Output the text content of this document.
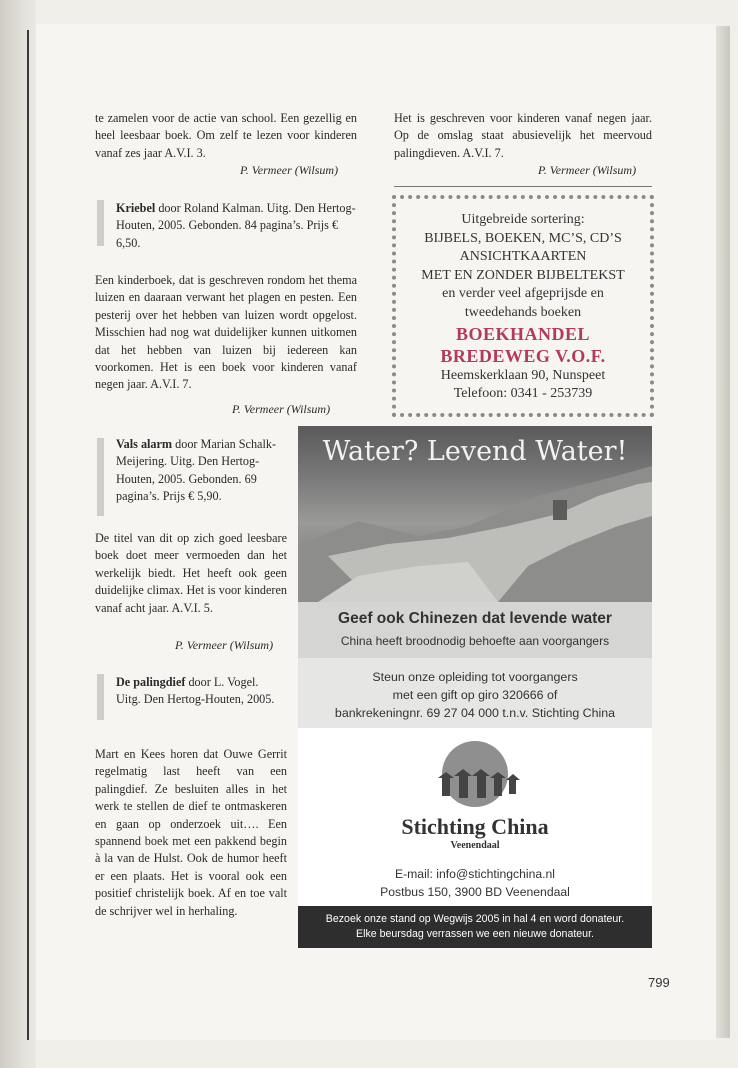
te zamelen voor de actie van school. Een gezellig en heel leesbaar boek. Om zelf te lezen voor kinderen vanaf zes jaar A.V.I. 3.

P. Vermeer (Wilsum)
Kriebel door Roland Kalman. Uitg. Den Hertog-Houten, 2005. Gebonden. 84 pagina’s. Prijs € 6,50.

Een kinderboek, dat is geschreven rondom het thema luizen en daaraan verwant het plagen en pesten. Een pesterij over het hebben van luizen wordt opgelost. Misschien had nog wat duidelijker kunnen uitkomen dat het hebben van luizen bij iedereen kan voorkomen. Het is een boek voor kinderen vanaf negen jaar. A.V.I. 7.

P. Vermeer (Wilsum)
Vals alarm door Marian Schalk-Meijering. Uitg. Den Hertog-Houten, 2005. Gebonden. 69 pagina’s. Prijs € 5,90.

De titel van dit op zich goed leesbare boek doet meer vermoeden dan het werkelijk biedt. Het heeft ook geen duidelijke climax. Het is voor kinderen vanaf acht jaar. A.V.I. 5.

P. Vermeer (Wilsum)
De palingdief door L. Vogel. Uitg. Den Hertog-Houten, 2005.

Mart en Kees horen dat Ouwe Gerrit regelmatig last heeft van een palingdief. Ze besluiten alles in het werk te stellen de dief te ontmaskeren en gaan op onderzoek uit…. Een spannend boek met een pakkend begin à la van de Hulst. Ook de humor heeft er een plaats. Het is vooral ook een positief christelijk boek. Af en toe valt de schrijver wel in herhaling.

Het is geschreven voor kinderen vanaf negen jaar. Op de omslag staat abusievelijk het meervoud palingdieven. A.V.I. 7.

P. Vermeer (Wilsum)
Uitgebreide sortering:
BIJBELS, BOEKEN, MC’S, CD’S
ANSICHTKAARTEN
MET EN ZONDER BIJBELTEKST
en verder veel afgeprijsde en
tweedehands boeken
BOEKHANDEL
BREDEWEG V.O.F.
Heemskerklaan 90, Nunspeet
Telefoon: 0341 - 253739
Water? Levend Water!
Geef ook Chinezen dat levende water
China heeft broodnodig behoefte aan voorgangers
Steun onze opleiding tot voorgangers
met een gift op giro 320666 of
bankrekeningnr. 69 27 04 000 t.n.v. Stichting China
Stichting China
Veenendaal
E-mail: info@stichtingchina.nl
Postbus 150, 3900 BD Veenendaal
Bezoek onze stand op Wegwijs 2005 in hal 4 en word donateur.
Elke beursdag verrassen we een nieuwe donateur.
799
